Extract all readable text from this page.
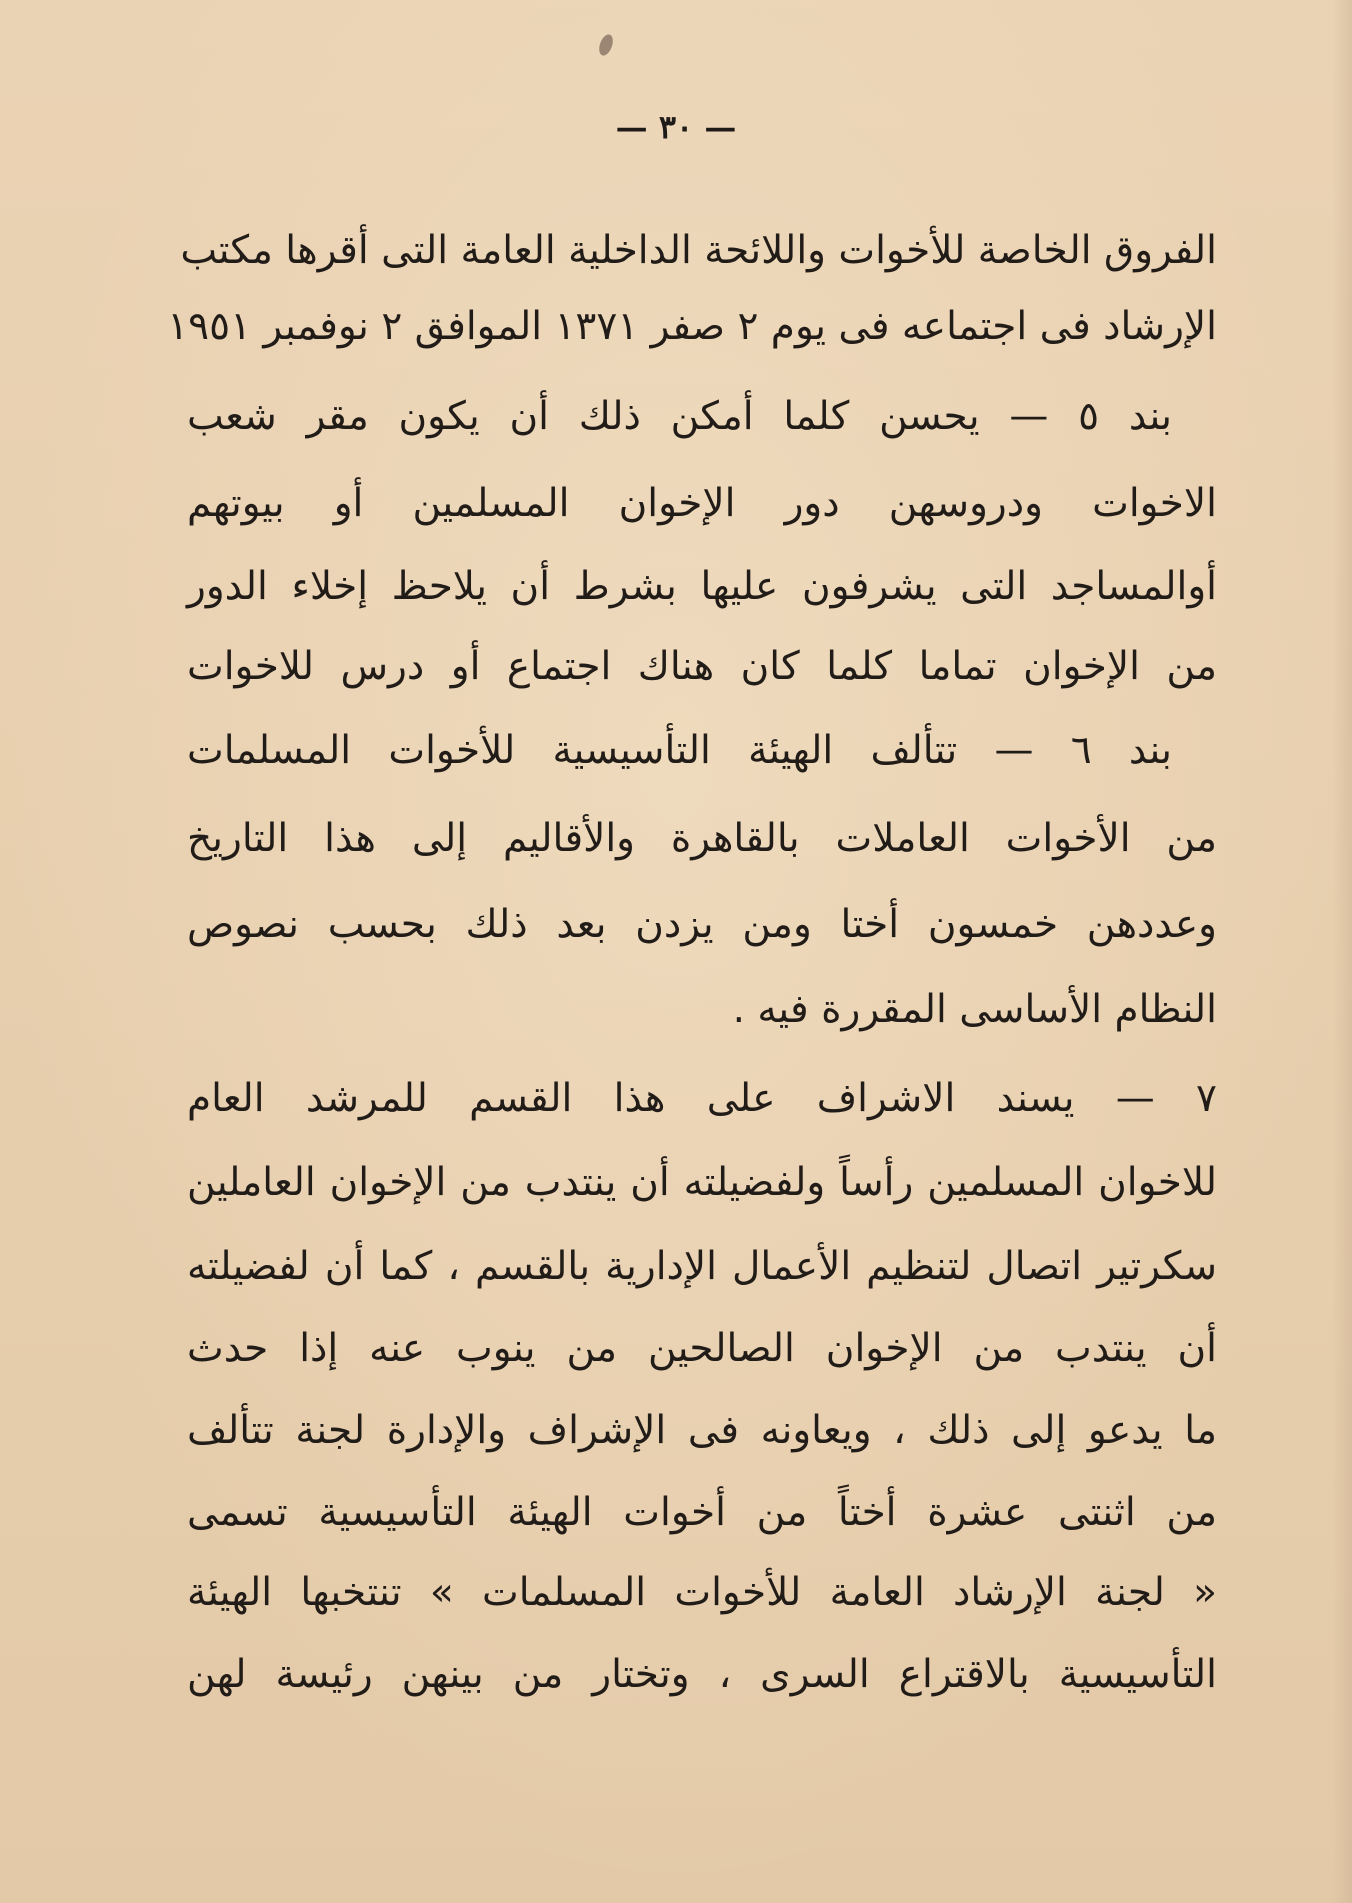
— ٣٠ —
الفروق الخاصة للأخوات واللائحة الداخلية العامة التى أقرها مكتب
الإرشاد فى اجتماعه فى يوم ٢ صفر ١٣٧١ الموافق ٢ نوفمبر ١٩٥١
بند ٥ — يحسن كلما أمكن ذلك أن يكون مقر شعب
الاخوات ودروسهن دور الإخوان المسلمين أو بيوتهم
أوالمساجد التى يشرفون عليها بشرط أن يلاحظ إخلاء الدور
من الإخوان تماما كلما كان هناك اجتماع أو درس للاخوات
بند ٦ — تتألف الهيئة التأسيسية للأخوات المسلمات
من الأخوات العاملات بالقاهرة والأقاليم إلى هذا التاريخ
وعددهن خمسون أختا ومن يزدن بعد ذلك بحسب نصوص
النظام الأساسى المقررة فيه .
٧ — يسند الاشراف على هذا القسم للمرشد العام
للاخوان المسلمين رأساً ولفضيلته أن ينتدب من الإخوان العاملين
سكرتير اتصال لتنظيم الأعمال الإدارية بالقسم ، كما أن لفضيلته
أن ينتدب من الإخوان الصالحين من ينوب عنه إذا حدث
ما يدعو إلى ذلك ، ويعاونه فى الإشراف والإدارة لجنة تتألف
من اثنتى عشرة أختاً من أخوات الهيئة التأسيسية تسمى
« لجنة الإرشاد العامة للأخوات المسلمات » تنتخبها الهيئة
التأسيسية بالاقتراع السرى ، وتختار من بينهن رئيسة لهن
